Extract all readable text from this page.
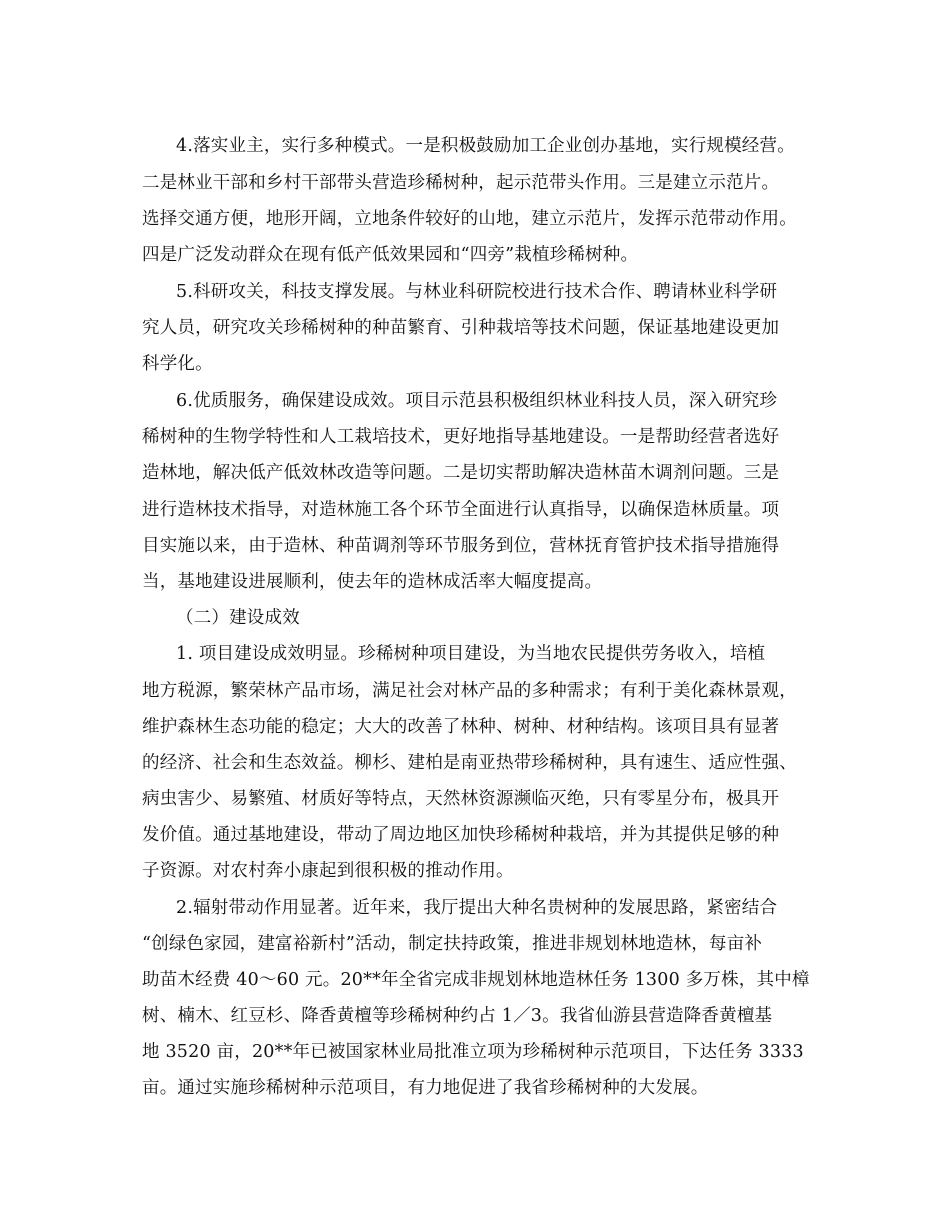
4.落实业主，实行多种模式。一是积极鼓励加工企业创办基地，实行规模经营。
二是林业干部和乡村干部带头营造珍稀树种，起示范带头作用。三是建立示范片。
选择交通方便，地形开阔，立地条件较好的山地，建立示范片，发挥示范带动作用。
四是广泛发动群众在现有低产低效果园和“四旁”栽植珍稀树种。
5.科研攻关，科技支撑发展。与林业科研院校进行技术合作、聘请林业科学研
究人员，研究攻关珍稀树种的种苗繁育、引种栽培等技术问题，保证基地建设更加
科学化。
6.优质服务，确保建设成效。项目示范县积极组织林业科技人员，深入研究珍
稀树种的生物学特性和人工栽培技术，更好地指导基地建设。一是帮助经营者选好
造林地，解决低产低效林改造等问题。二是切实帮助解决造林苗木调剂问题。三是
进行造林技术指导，对造林施工各个环节全面进行认真指导，以确保造林质量。项
目实施以来，由于造林、种苗调剂等环节服务到位，营林抚育管护技术指导措施得
当，基地建设进展顺利，使去年的造林成活率大幅度提高。
（二）建设成效
1. 项目建设成效明显。珍稀树种项目建设，为当地农民提供劳务收入，培植
地方税源，繁荣林产品市场，满足社会对林产品的多种需求；有利于美化森林景观，
维护森林生态功能的稳定；大大的改善了林种、树种、材种结构。该项目具有显著
的经济、社会和生态效益。柳杉、建柏是南亚热带珍稀树种，具有速生、适应性强、
病虫害少、易繁殖、材质好等特点，天然林资源濒临灭绝，只有零星分布，极具开
发价值。通过基地建设，带动了周边地区加快珍稀树种栽培，并为其提供足够的种
子资源。对农村奔小康起到很积极的推动作用。
2.辐射带动作用显著。近年来，我厅提出大种名贵树种的发展思路，紧密结合
“创绿色家园，建富裕新村”活动，制定扶持政策，推进非规划林地造林，每亩补
助苗木经费 40～60 元。20**年全省完成非规划林地造林任务 1300 多万株，其中樟
树、楠木、红豆杉、降香黄檀等珍稀树种约占 1／3。我省仙游县营造降香黄檀基
地 3520 亩，20**年已被国家林业局批准立项为珍稀树种示范项目，下达任务 3333
亩。通过实施珍稀树种示范项目，有力地促进了我省珍稀树种的大发展。
